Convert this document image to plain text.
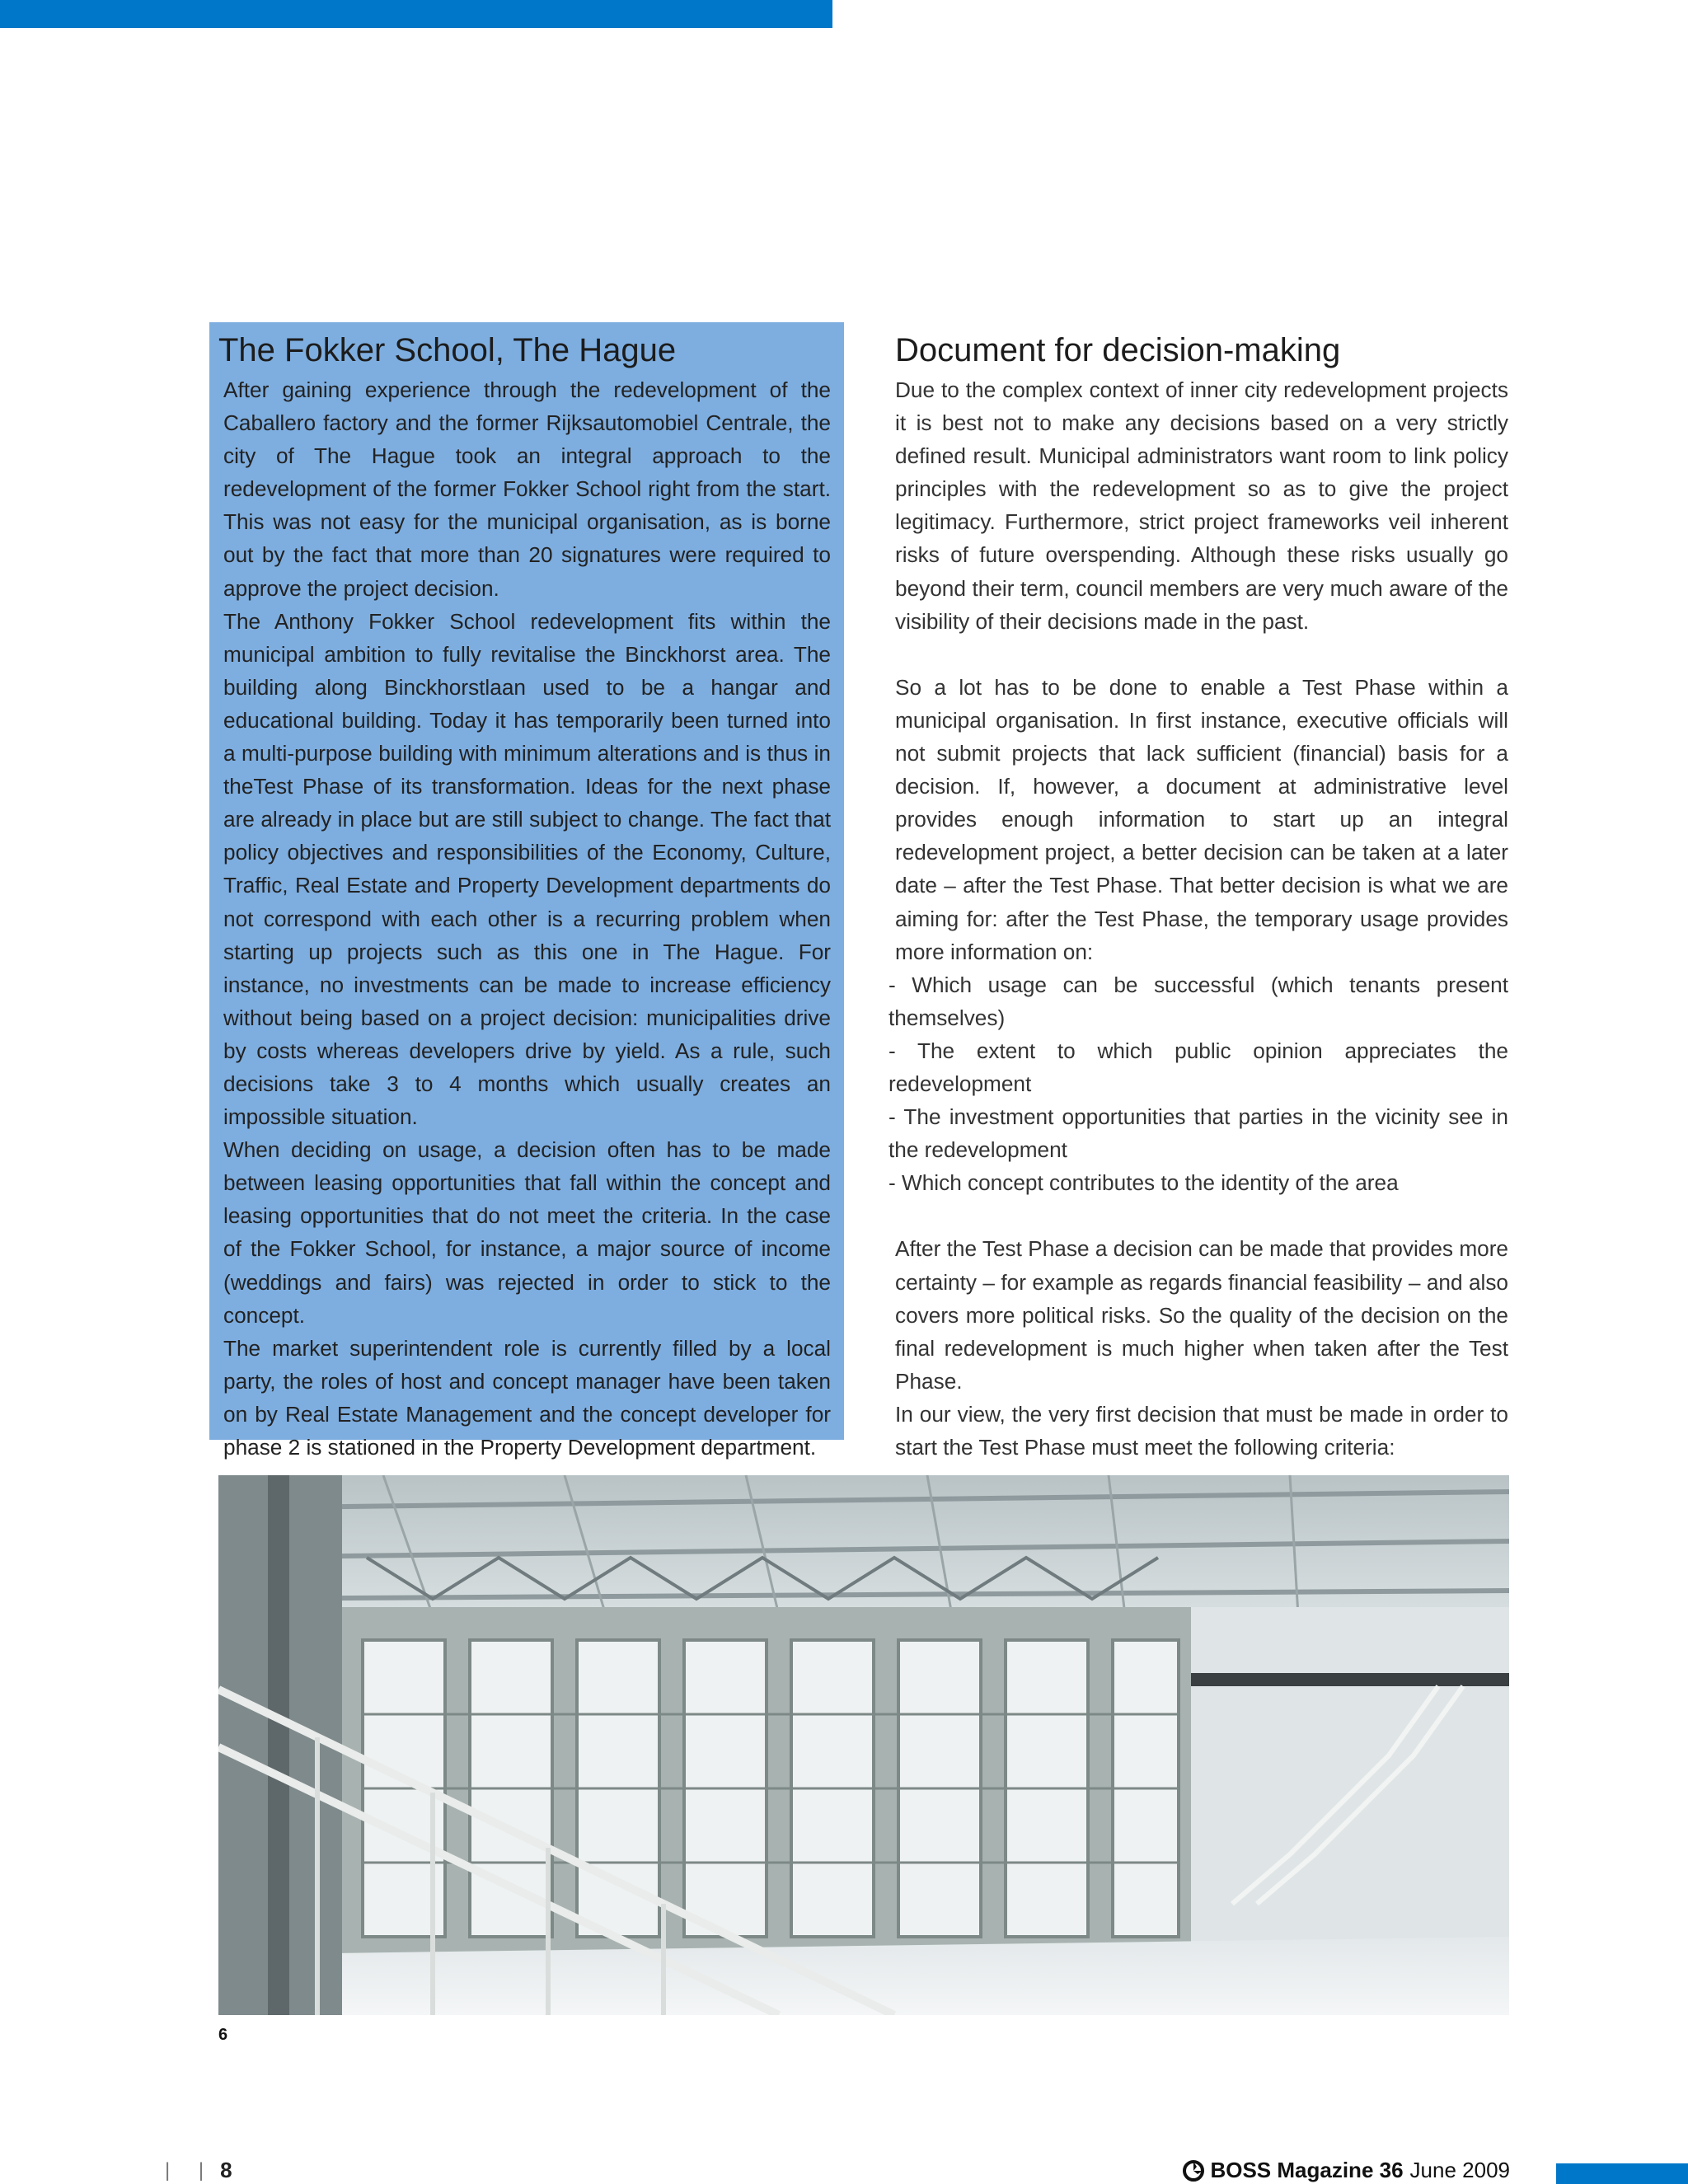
The Fokker School, The Hague

After gaining experience through the redevelopment of the Caballero factory and the former Rijksautomobiel Centrale, the city of The Hague took an integral approach to the redevelopment of the former Fokker School right from the start. This was not easy for the municipal organisation, as is borne out by the fact that more than 20 signatures were required to approve the project decision.

The Anthony Fokker School redevelopment fits within the municipal ambition to fully revitalise the Binckhorst area. The building along Binckhorstlaan used to be a hangar and educational building. Today it has temporarily been turned into a multi-purpose building with minimum alterations and is thus in theTest Phase of its transformation. Ideas for the next phase are already in place but are still subject to change. The fact that policy objectives and responsibilities of the Economy, Culture, Traffic, Real Estate and Property Development departments do not correspond with each other is a recurring problem when starting up projects such as this one in The Hague. For instance, no investments can be made to increase efficiency without being based on a project decision: municipalities drive by costs whereas developers drive by yield. As a rule, such decisions take 3 to 4 months which usually creates an impossible situation.

When deciding on usage, a decision often has to be made between leasing opportunities that fall within the concept and leasing opportunities that do not meet the criteria. In the case of the Fokker School, for instance, a major source of income (weddings and fairs) was rejected in order to stick to the concept.

The market superintendent role is currently filled by a local party, the roles of host and concept manager have been taken on by Real Estate Management and the concept developer for phase 2 is stationed in the Property Development department.

Document for decision-making

Due to the complex context of inner city redevelopment projects it is best not to make any decisions based on a very strictly defined result. Municipal administrators want room to link policy principles with the redevelopment so as to give the project legitimacy. Furthermore, strict project frameworks veil inherent risks of future overspending. Although these risks usually go beyond their term, council members are very much aware of the visibility of their decisions made in the past.

So a lot has to be done to enable a Test Phase within a municipal organisation. In first instance, executive officials will not submit projects that lack sufficient (financial) basis for a decision. If, however, a document at administrative level provides enough information to start up an integral redevelopment project, a better decision can be taken at a later date – after the Test Phase. That better decision is what we are aiming for: after the Test Phase, the temporary usage provides more information on:

- Which usage can be successful (which tenants present themselves)

- The extent to which public opinion appreciates the redevelopment

- The investment opportunities that parties in the vicinity see in the redevelopment

- Which concept contributes to the identity of the area

After the Test Phase a decision can be made that provides more certainty – for example as regards financial feasibility – and also covers more political risks. So the quality of the decision on the final redevelopment is much higher when taken after the Test Phase.

In our view, the very first decision that must be made in order to start the Test Phase must meet the following criteria:

6
| | 8	BOSS Magazine 36 June 2009
